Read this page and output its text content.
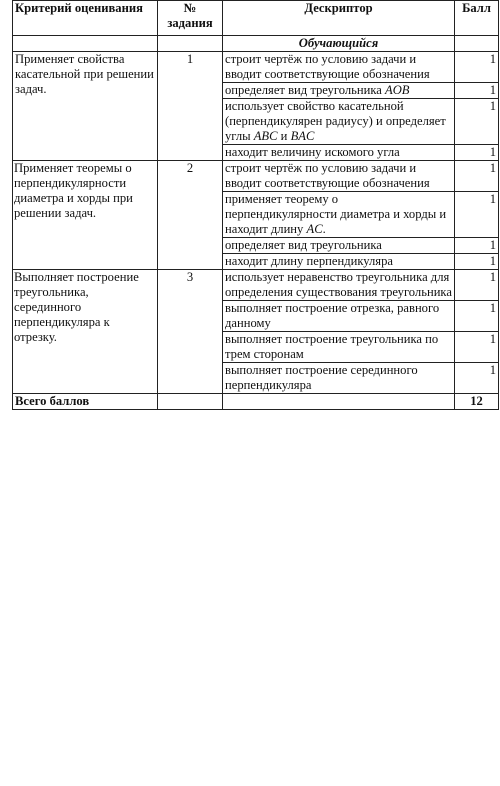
Критерий оценивания	№ задания	Дескриптор	Балл
		Обучающийся	
Применяет свойства касательной при решении задач.	1	строит чертёж по условию задачи и вводит соответствующие обозначения	1
		определяет вид треугольника AOB	1
		использует свойство касательной (перпендикулярен радиусу) и определяет углы ABC и BAC	1
		находит величину искомого угла	1
Применяет теоремы о перпендикулярности диаметра и хорды при решении задач.	2	строит чертёж по условию задачи и вводит соответствующие обозначения	1
		применяет теорему о перпендикулярности диаметра и хорды и находит длину AC.	1
		определяет вид треугольника	1
		находит длину перпендикуляра	1
Выполняет построение треугольника, серединного перпендикуляра к отрезку.	3	использует неравенство треугольника для определения существования треугольника	1
		выполняет построение отрезка, равного данному	1
		выполняет построение треугольника по трем сторонам	1
		выполняет построение серединного перпендикуляра	1
Всего баллов			12
